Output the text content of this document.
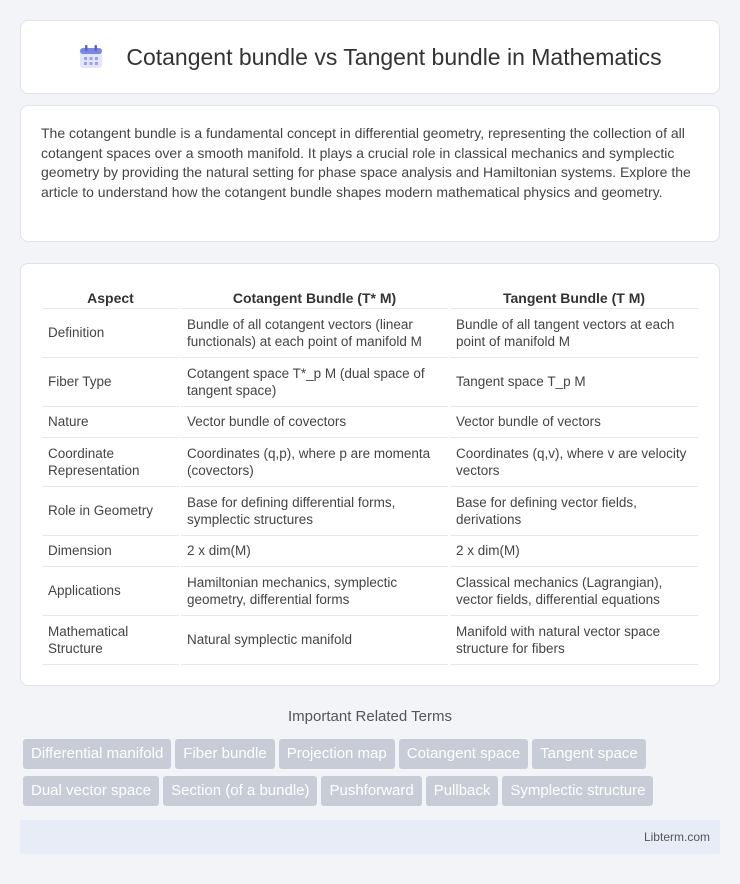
Cotangent bundle vs Tangent bundle in Mathematics

The cotangent bundle is a fundamental concept in differential geometry, representing the collection of all cotangent spaces over a smooth manifold. It plays a crucial role in classical mechanics and symplectic geometry by providing the natural setting for phase space analysis and Hamiltonian systems. Explore the article to understand how the cotangent bundle shapes modern mathematical physics and geometry.

Aspect	Cotangent Bundle (T* M)	Tangent Bundle (T M)
Definition	Bundle of all cotangent vectors (linear functionals) at each point of manifold M	Bundle of all tangent vectors at each point of manifold M
Fiber Type	Cotangent space T*_p M (dual space of tangent space)	Tangent space T_p M
Nature	Vector bundle of covectors	Vector bundle of vectors
Coordinate Representation	Coordinates (q,p), where p are momenta (covectors)	Coordinates (q,v), where v are velocity vectors
Role in Geometry	Base for defining differential forms, symplectic structures	Base for defining vector fields, derivations
Dimension	2 x dim(M)	2 x dim(M)
Applications	Hamiltonian mechanics, symplectic geometry, differential forms	Classical mechanics (Lagrangian), vector fields, differential equations
Mathematical Structure	Natural symplectic manifold	Manifold with natural vector space structure for fibers
Important Related Terms
Differential manifold Fiber bundle Projection map Cotangent space Tangent spaceDual vector space Section (of a bundle) Pushforward Pullback Symplectic structure
Libterm.com
